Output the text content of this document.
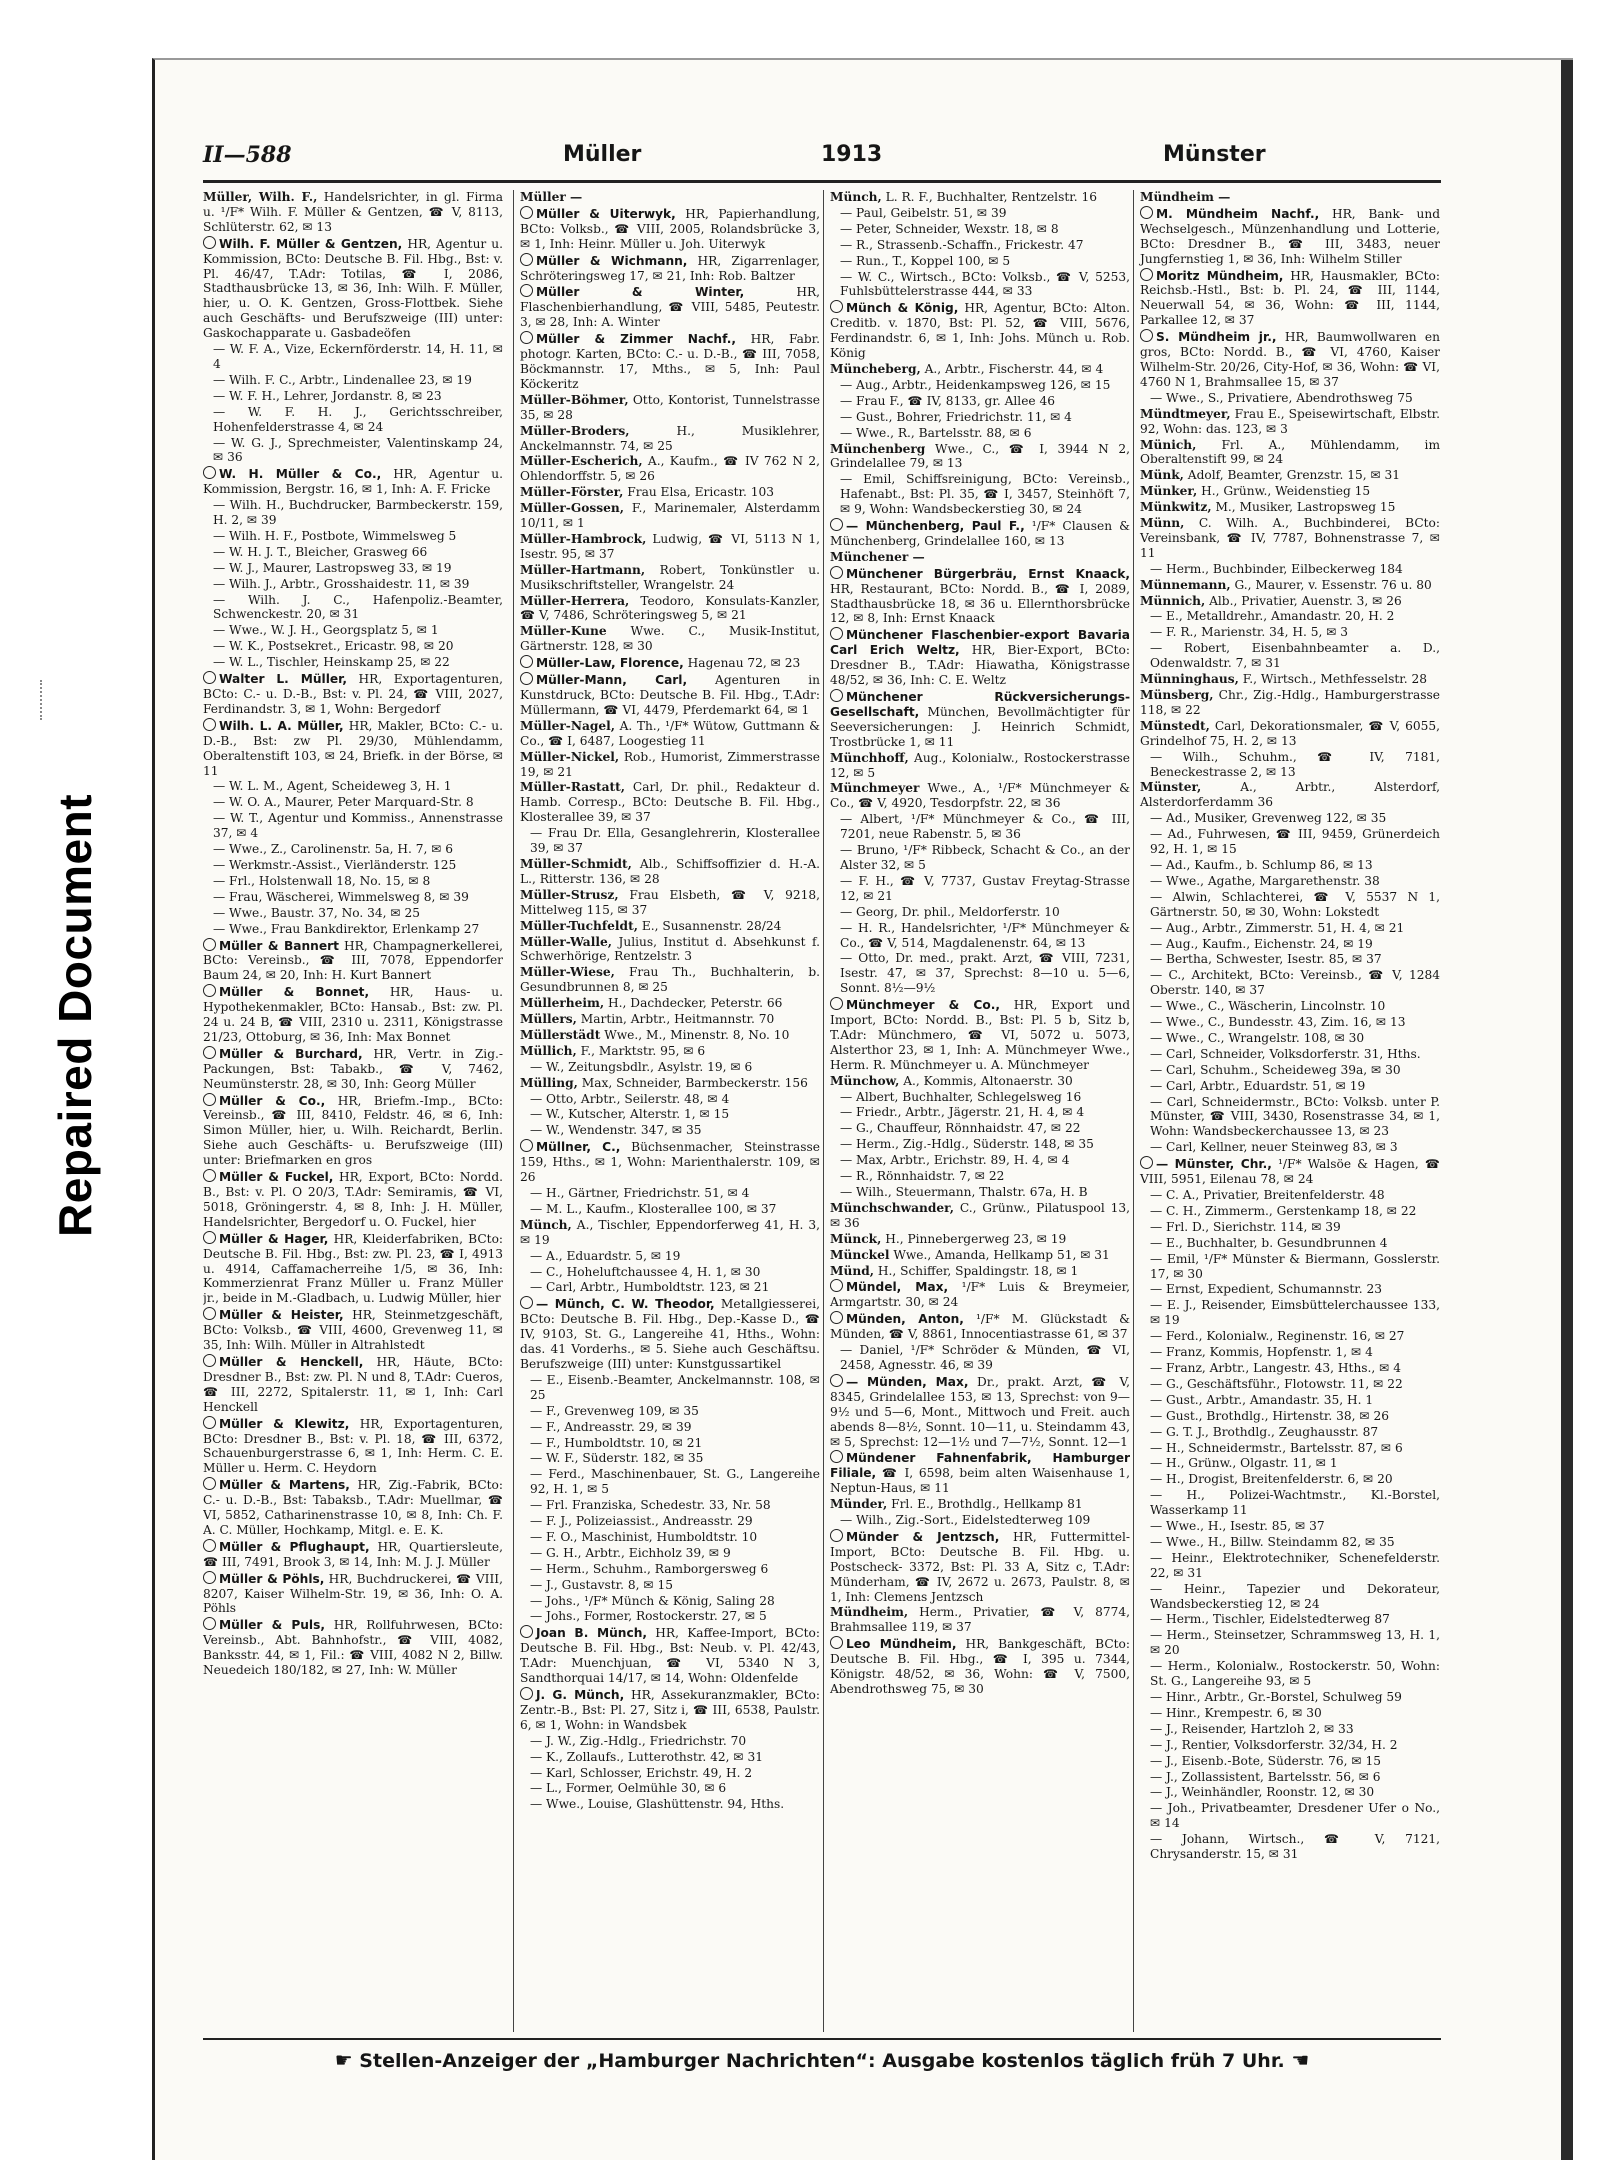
Repaired Document
II—588	Müller	1913	Münster

Müller, Wilh. F., Handelsrichter, in gl. Firma u. ¹/F* Wilh. F. Müller & Gentzen, ☎ V, 8113, Schlüterstr. 62, ✉ 13

Wilh. F. Müller & Gentzen, HR, Agentur u. Kommission, BCto: Deutsche B. Fil. Hbg., Bst: v. Pl. 46/47, T.Adr: Totilas, ☎ I, 2086, Stadthausbrücke 13, ✉ 36, Inh: Wilh. F. Müller, hier, u. O. K. Gentzen, Gross-Flottbek. Siehe auch Geschäfts- und Berufszweige (III) unter: Gaskochapparate u. Gasbadeöfen

— W. F. A., Vize, Eckernförderstr. 14, H. 11, ✉ 4

— Wilh. F. C., Arbtr., Lindenallee 23, ✉ 19

— W. F. H., Lehrer, Jordanstr. 8, ✉ 23

— W. F. H. J., Gerichtsschreiber, Hohenfelderstrasse 4, ✉ 24

— W. G. J., Sprechmeister, Valentinskamp 24, ✉ 36

W. H. Müller & Co., HR, Agentur u. Kommission, Bergstr. 16, ✉ 1, Inh: A. F. Fricke

— Wilh. H., Buchdrucker, Barmbeckerstr. 159, H. 2, ✉ 39

— Wilh. H. F., Postbote, Wimmelsweg 5

— W. H. J. T., Bleicher, Grasweg 66

— W. J., Maurer, Lastropsweg 33, ✉ 19

— Wilh. J., Arbtr., Grosshaidestr. 11, ✉ 39

— Wilh. J. C., Hafenpoliz.-Beamter, Schwenckestr. 20, ✉ 31

— Wwe., W. J. H., Georgsplatz 5, ✉ 1

— W. K., Postsekret., Ericastr. 98, ✉ 20

— W. L., Tischler, Heinskamp 25, ✉ 22

Walter L. Müller, HR, Exportagenturen, BCto: C.- u. D.-B., Bst: v. Pl. 24, ☎ VIII, 2027, Ferdinandstr. 3, ✉ 1, Wohn: Bergedorf

Wilh. L. A. Müller, HR, Makler, BCto: C.- u. D.-B., Bst: zw Pl. 29/30, Mühlendamm, Oberaltenstift 103, ✉ 24, Briefk. in der Börse, ✉ 11

— W. L. M., Agent, Scheideweg 3, H. 1

— W. O. A., Maurer, Peter Marquard-Str. 8

— W. T., Agentur und Kommiss., Annenstrasse 37, ✉ 4

— Wwe., Z., Carolinenstr. 5a, H. 7, ✉ 6

— Werkmstr.-Assist., Vierländerstr. 125

— Frl., Holstenwall 18, No. 15, ✉ 8

— Frau, Wäscherei, Wimmelsweg 8, ✉ 39

— Wwe., Baustr. 37, No. 34, ✉ 25

— Wwe., Frau Bankdirektor, Erlenkamp 27

Müller & Bannert HR, Champagnerkellerei, BCto: Vereinsb., ☎ III, 7078, Eppendorfer Baum 24, ✉ 20, Inh: H. Kurt Bannert

Müller & Bonnet, HR, Haus- u. Hypothekenmakler, BCto: Hansab., Bst: zw. Pl. 24 u. 24 B, ☎ VIII, 2310 u. 2311, Königstrasse 21/23, Ottoburg, ✉ 36, Inh: Max Bonnet

Müller & Burchard, HR, Vertr. in Zig.-Packungen, Bst: Tabakb., ☎ V, 7462, Neumünsterstr. 28, ✉ 30, Inh: Georg Müller

Müller & Co., HR, Briefm.-Imp., BCto: Vereinsb., ☎ III, 8410, Feldstr. 46, ✉ 6, Inh: Simon Müller, hier, u. Wilh. Reichardt, Berlin. Siehe auch Geschäfts- u. Berufszweige (III) unter: Briefmarken en gros

Müller & Fuckel, HR, Export, BCto: Nordd. B., Bst: v. Pl. O 20/3, T.Adr: Semiramis, ☎ VI, 5018, Gröningerstr. 4, ✉ 8, Inh: J. H. Müller, Handelsrichter, Bergedorf u. O. Fuckel, hier

Müller & Hager, HR, Kleiderfabriken, BCto: Deutsche B. Fil. Hbg., Bst: zw. Pl. 23, ☎ I, 4913 u. 4914, Caffamacherreihe 1/5, ✉ 36, Inh: Kommerzienrat Franz Müller u. Franz Müller jr., beide in M.-Gladbach, u. Ludwig Müller, hier

Müller & Heister, HR, Steinmetzgeschäft, BCto: Volksb., ☎ VIII, 4600, Grevenweg 11, ✉ 35, Inh: Wilh. Müller in Altrahlstedt

Müller & Henckell, HR, Häute, BCto: Dresdner B., Bst: zw. Pl. N und 8, T.Adr: Cueros, ☎ III, 2272, Spitalerstr. 11, ✉ 1, Inh: Carl Henckell

Müller & Klewitz, HR, Exportagenturen, BCto: Dresdner B., Bst: v. Pl. 18, ☎ III, 6372, Schauenburgerstrasse 6, ✉ 1, Inh: Herm. C. E. Müller u. Herm. C. Heydorn

Müller & Martens, HR, Zig.-Fabrik, BCto: C.- u. D.-B., Bst: Tabaksb., T.Adr: Muellmar, ☎ VI, 5852, Catharinenstrasse 10, ✉ 8, Inh: Ch. F. A. C. Müller, Hochkamp, Mitgl. e. E. K.

Müller & Pflughaupt, HR, Quartiersleute, ☎ III, 7491, Brook 3, ✉ 14, Inh: M. J. J. Müller

Müller & Pöhls, HR, Buchdruckerei, ☎ VIII, 8207, Kaiser Wilhelm-Str. 19, ✉ 36, Inh: O. A. Pöhls

Müller & Puls, HR, Rollfuhrwesen, BCto: Vereinsb., Abt. Bahnhofstr., ☎ VIII, 4082, Banksstr. 44, ✉ 1, Fil.: ☎ VIII, 4082 N 2, Billw. Neuedeich 180/182, ✉ 27, Inh: W. Müller

Müller —

Müller & Uiterwyk, HR, Papierhandlung, BCto: Volksb., ☎ VIII, 2005, Rolandsbrücke 3, ✉ 1, Inh: Heinr. Müller u. Joh. Uiterwyk

Müller & Wichmann, HR, Zigarrenlager, Schröteringsweg 17, ✉ 21, Inh: Rob. Baltzer

Müller & Winter,	HR, Flaschenbierhandlung, ☎ VIII, 5485, Peutestr. 3, ✉ 28, Inh: A. Winter

Müller & Zimmer Nachf., HR, Fabr. photogr. Karten, BCto: C.- u. D.-B., ☎ III, 7058, Böckmannstr. 17, Mths., ✉ 5, Inh: Paul Köckeritz

Müller-Böhmer, Otto, Kontorist, Tunnelstrasse 35, ✉ 28

Müller-Broders,	H., Musiklehrer, Anckelmannstr. 74, ✉ 25

Müller-Escherich, A., Kaufm., ☎ IV 762 N 2, Ohlendorffstr. 5, ✉ 26

Müller-Förster, Frau Elsa, Ericastr. 103

Müller-Gossen, F., Marinemaler, Alsterdamm 10/11, ✉ 1

Müller-Hambrock, Ludwig, ☎ VI, 5113 N 1, Isestr. 95, ✉ 37

Müller-Hartmann, Robert, Tonkünstler u. Musikschriftsteller, Wrangelstr. 24

Müller-Herrera, Teodoro, Konsulats-Kanzler, ☎ V, 7486, Schröteringsweg 5, ✉ 21

Müller-Kune Wwe. C., Musik-Institut, Gärtnerstr. 128, ✉ 30

Müller-Law, Florence, Hagenau 72, ✉ 23

Müller-Mann, Carl, Agenturen in Kunstdruck, BCto: Deutsche B. Fil. Hbg., T.Adr: Müllermann, ☎ VI, 4479, Pferdemarkt 64, ✉ 1

Müller-Nagel, A. Th., ¹/F* Wütow, Guttmann & Co., ☎ I, 6487, Loogestieg 11

Müller-Nickel, Rob., Humorist, Zimmerstrasse 19, ✉ 21

Müller-Rastatt, Carl, Dr. phil., Redakteur d. Hamb. Corresp., BCto: Deutsche B. Fil. Hbg., Klosterallee 39, ✉ 37

— Frau Dr. Ella, Gesanglehrerin, Klosterallee 39, ✉ 37

Müller-Schmidt, Alb., Schiffsoffizier d. H.-A. L., Ritterstr. 136, ✉ 28

Müller-Strusz, Frau Elsbeth, ☎ V, 9218, Mittelweg 115, ✉ 37

Müller-Tuchfeldt, E., Susannenstr. 28/24

Müller-Walle, Julius, Institut d. Absehkunst f. Schwerhörige, Rentzelstr. 3

Müller-Wiese, Frau Th., Buchhalterin, b. Gesundbrunnen 8, ✉ 25

Müllerheim, H., Dachdecker, Peterstr. 66

Müllers, Martin, Arbtr., Heitmannstr. 70

Müllerstädt Wwe., M., Minenstr. 8, No. 10

Müllich, F., Marktstr. 95, ✉ 6

— W., Zeitungsbdlr., Asylstr. 19, ✉ 6

Mülling, Max, Schneider, Barmbeckerstr. 156

— Otto, Arbtr., Seilerstr. 48, ✉ 4

— W., Kutscher, Alterstr. 1, ✉ 15

— W., Wendenstr. 347, ✉ 35

Müllner, C., Büchsenmacher, Steinstrasse 159, Hths., ✉ 1, Wohn: Marienthalerstr. 109, ✉ 26

— H., Gärtner, Friedrichstr. 51, ✉ 4

— M. L., Kaufm., Klosterallee 100, ✉ 37

Münch, A., Tischler, Eppendorferweg 41, H. 3, ✉ 19

— A., Eduardstr. 5, ✉ 19

— C., Hoheluftchaussee 4, H. 1, ✉ 30

— Carl, Arbtr., Humboldtstr. 123, ✉ 21

— Münch, C. W. Theodor, Metallgiesserei, BCto: Deutsche B. Fil. Hbg., Dep.-Kasse D., ☎ IV, 9103, St. G., Langereihe 41, Hths., Wohn: das. 41 Vorderhs., ✉ 5. Siehe auch Geschäftsu. Berufszweige (III) unter: Kunstgussartikel

— E., Eisenb.-Beamter, Anckelmannstr. 108, ✉ 25

— F., Grevenweg 109, ✉ 35

— F., Andreasstr. 29, ✉ 39

— F., Humboldtstr. 10, ✉ 21

— W. F., Süderstr. 182, ✉ 35

— Ferd., Maschinenbauer, St. G., Langereihe 92, H. 1, ✉ 5

— Frl. Franziska, Schedestr. 33, Nr. 58

— F. J., Polizeiassist., Andreasstr. 29

— F. O., Maschinist, Humboldtstr. 10

— G. H., Arbtr., Eichholz 39, ✉ 9

— Herm., Schuhm., Ramborgersweg 6

— J., Gustavstr. 8, ✉ 15

— Johs., ¹/F* Münch & König, Saling 28

— Johs., Former, Rostockerstr. 27, ✉ 5

Joan B. Münch, HR, Kaffee-Import, BCto: Deutsche B. Fil. Hbg., Bst: Neub. v. Pl. 42/43, T.Adr: Muenchjuan, ☎ VI, 5340 N 3, Sandthorquai 14/17, ✉ 14, Wohn: Oldenfelde

J. G. Münch, HR, Assekuranzmakler, BCto: Zentr.-B., Bst: Pl. 27, Sitz i, ☎ III, 6538, Paulstr. 6, ✉ 1, Wohn: in Wandsbek

— J. W., Zig.-Hdlg., Friedrichstr. 70

— K., Zollaufs., Lutterothstr. 42, ✉ 31

— Karl, Schlosser, Erichstr. 49, H. 2

— L., Former, Oelmühle 30, ✉ 6

— Wwe., Louise, Glashüttenstr. 94, Hths.

Münch, L. R. F., Buchhalter, Rentzelstr. 16

— Paul, Geibelstr. 51, ✉ 39

— Peter, Schneider, Wexstr. 18, ✉ 8

— R., Strassenb.-Schaffn., Frickestr. 47

— Run., T., Koppel 100, ✉ 5

— W. C., Wirtsch., BCto: Volksb., ☎ V, 5253, Fuhlsbüttelerstrasse 444, ✉ 33

Münch & König, HR, Agentur, BCto: Alton. Creditb. v. 1870, Bst: Pl. 52, ☎ VIII, 5676, Ferdinandstr. 6, ✉ 1, Inh: Johs. Münch u. Rob. König

Müncheberg, A., Arbtr., Fischerstr. 44, ✉ 4

— Aug., Arbtr., Heidenkampsweg 126, ✉ 15

— Frau F., ☎ IV, 8133, gr. Allee 46

— Gust., Bohrer, Friedrichstr. 11, ✉ 4

— Wwe., R., Bartelsstr. 88, ✉ 6

Münchenberg Wwe., C., ☎ I, 3944 N 2, Grindelallee 79, ✉ 13

— Emil, Schiffsreinigung, BCto: Vereinsb., Hafenabt., Bst: Pl. 35, ☎ I, 3457, Steinhöft 7, ✉ 9, Wohn: Wandsbeckerstieg 30, ✉ 24

— Münchenberg, Paul F., ¹/F* Clausen & Münchenberg, Grindelallee 160, ✉ 13

Münchener —

Münchener Bürgerbräu, Ernst Knaack, HR, Restaurant, BCto: Nordd. B., ☎ I, 2089, Stadthausbrücke 18, ✉ 36 u. Ellernthorsbrücke 12, ✉ 8, Inh: Ernst Knaack

Münchener Flaschenbier-export Bavaria Carl Erich Weltz, HR, Bier-Export, BCto: Dresdner B., T.Adr: Hiawatha, Königstrasse 48/52, ✉ 36, Inh: C. E. Weltz

Münchener Rückversicherungs-Gesellschaft, München, Bevollmächtigter für Seeversicherungen: J. Heinrich Schmidt, Trostbrücke 1, ✉ 11

Münchhoff, Aug., Kolonialw., Rostockerstrasse 12, ✉ 5

Münchmeyer Wwe., A., ¹/F* Münchmeyer & Co., ☎ V, 4920, Tesdorpfstr. 22, ✉ 36

— Albert, ¹/F* Münchmeyer & Co., ☎ III, 7201, neue Rabenstr. 5, ✉ 36

— Bruno, ¹/F* Ribbeck, Schacht & Co., an der Alster 32, ✉ 5

— F. H., ☎ V, 7737, Gustav Freytag-Strasse 12, ✉ 21

— Georg, Dr. phil., Meldorferstr. 10

— H. R., Handelsrichter, ¹/F* Münchmeyer & Co., ☎ V, 514, Magdalenenstr. 64, ✉ 13

— Otto, Dr. med., prakt. Arzt, ☎ VIII, 7231, Isestr. 47, ✉ 37, Sprechst: 8—10 u. 5—6, Sonnt. 8½—9½

Münchmeyer & Co., HR, Export und Import, BCto: Nordd. B., Bst: Pl. 5 b, Sitz b, T.Adr: Münchmero, ☎ VI, 5072 u. 5073, Alsterthor 23, ✉ 1, Inh: A. Münchmeyer Wwe., Herm. R. Münchmeyer u. A. Münchmeyer

Münchow, A., Kommis, Altonaerstr. 30

— Albert, Buchhalter, Schlegelsweg 16

— Friedr., Arbtr., Jägerstr. 21, H. 4, ✉ 4

— G., Chauffeur, Rönnhaidstr. 47, ✉ 22

— Herm., Zig.-Hdlg., Süderstr. 148, ✉ 35

— Max, Arbtr., Erichstr. 89, H. 4, ✉ 4

— R., Rönnhaidstr. 7, ✉ 22

— Wilh., Steuermann, Thalstr. 67a, H. B

Münchschwander, C., Grünw., Pilatuspool 13, ✉ 36

Münck, H., Pinnebergerweg 23, ✉ 19

Münckel Wwe., Amanda, Hellkamp 51, ✉ 31

Münd, H., Schiffer, Spaldingstr. 18, ✉ 1

Mündel, Max, ¹/F* Luis & Breymeier, Armgartstr. 30, ✉ 24

Münden, Anton, ¹/F* M. Glückstadt & Münden, ☎ V, 8861, Innocentiastrasse 61, ✉ 37

— Daniel, ¹/F* Schröder & Münden, ☎ VI, 2458, Agnesstr. 46, ✉ 39

— Münden, Max, Dr., prakt. Arzt, ☎ V, 8345, Grindelallee 153, ✉ 13, Sprechst: von 9—9½ und 5—6, Mont., Mittwoch und Freit. auch abends 8—8½, Sonnt. 10—11, u. Steindamm 43, ✉ 5, Sprechst: 12—1½ und 7—7½, Sonnt. 12—1

Mündener Fahnenfabrik, Hamburger Filiale, ☎ I, 6598, beim alten Waisenhause 1, Neptun-Haus, ✉ 11

Münder, Frl. E., Brothdlg., Hellkamp 81

— Wilh., Zig.-Sort., Eidelstedterweg 109

Münder & Jentzsch, HR, Futtermittel-Import, BCto: Deutsche B. Fil. Hbg. u. Postscheck- 3372, Bst: Pl. 33 A, Sitz c, T.Adr: Münderham, ☎ IV, 2672 u. 2673, Paulstr. 8, ✉ 1, Inh: Clemens Jentzsch

Mündheim, Herm., Privatier, ☎ V, 8774, Brahmsallee 119, ✉ 37

Leo Mündheim, HR, Bankgeschäft, BCto: Deutsche B. Fil. Hbg., ☎ I, 395 u. 7344, Königstr. 48/52, ✉ 36, Wohn: ☎ V, 7500, Abendrothsweg 75, ✉ 30

Mündheim —

M. Mündheim Nachf., HR, Bank- und Wechselgesch., Münzenhandlung und Lotterie, BCto: Dresdner B., ☎ III, 3483, neuer Jungfernstieg 1, ✉ 36, Inh: Wilhelm Stiller

Moritz Mündheim, HR, Hausmakler, BCto: Reichsb.-Hstl., Bst: b. Pl. 24, ☎ III, 1144, Neuerwall 54, ✉ 36, Wohn: ☎ III, 1144, Parkallee 12, ✉ 37

S. Mündheim jr., HR, Baumwollwaren en gros, BCto: Nordd. B., ☎ VI, 4760, Kaiser Wilhelm-Str. 20/26, City-Hof, ✉ 36, Wohn: ☎ VI, 4760 N 1, Brahmsallee 15, ✉ 37

— Wwe., S., Privatiere, Abendrothsweg 75

Mündtmeyer, Frau E., Speisewirtschaft, Elbstr. 92, Wohn: das. 123, ✉ 3

Münich, Frl. A., Mühlendamm, im Oberaltenstift 99, ✉ 24

Münk, Adolf, Beamter, Grenzstr. 15, ✉ 31

Münker, H., Grünw., Weidenstieg 15

Münkwitz, M., Musiker, Lastropsweg 15

Münn, C. Wilh. A., Buchbinderei, BCto: Vereinsbank, ☎ IV, 7787, Bohnenstrasse 7, ✉ 11

— Herm., Buchbinder, Eilbeckerweg 184

Münnemann, G., Maurer, v. Essenstr. 76 u. 80

Münnich, Alb., Privatier, Auenstr. 3, ✉ 26

— E., Metalldrehr., Amandastr. 20, H. 2

— F. R., Marienstr. 34, H. 5, ✉ 3

— Robert, Eisenbahnbeamter a. D., Odenwaldstr. 7, ✉ 31

Münninghaus, F., Wirtsch., Methfesselstr. 28

Münsberg, Chr., Zig.-Hdlg., Hamburgerstrasse 118, ✉ 22

Münstedt, Carl, Dekorationsmaler, ☎ V, 6055, Grindelhof 75, H. 2, ✉ 13

— Wilh., Schuhm., ☎ IV, 7181, Beneckestrasse 2, ✉ 13

Münster,	A., Arbtr., Alsterdorf, Alsterdorferdamm 36

— Ad., Musiker, Grevenweg 122, ✉ 35

— Ad., Fuhrwesen, ☎ III, 9459, Grünerdeich 92, H. 1, ✉ 15

— Ad., Kaufm., b. Schlump 86, ✉ 13

— Wwe., Agathe, Margarethenstr. 38

— Alwin, Schlachterei, ☎ V, 5537 N 1, Gärtnerstr. 50, ✉ 30, Wohn: Lokstedt

— Aug., Arbtr., Zimmerstr. 51, H. 4, ✉ 21

— Aug., Kaufm., Eichenstr. 24, ✉ 19

— Bertha, Schwester, Isestr. 85, ✉ 37

— C., Architekt, BCto: Vereinsb., ☎ V, 1284 Oberstr. 140, ✉ 37

— Wwe., C., Wäscherin, Lincolnstr. 10

— Wwe., C., Bundesstr. 43, Zim. 16, ✉ 13

— Wwe., C., Wrangelstr. 108, ✉ 30

— Carl, Schneider, Volksdorferstr. 31, Hths.

— Carl, Schuhm., Scheideweg 39a, ✉ 30

— Carl, Arbtr., Eduardstr. 51, ✉ 19

— Carl, Schneidermstr., BCto: Volksb. unter P. Münster, ☎ VIII, 3430, Rosenstrasse 34, ✉ 1, Wohn: Wandsbeckerchaussee 13, ✉ 23

— Carl, Kellner, neuer Steinweg 83, ✉ 3

— Münster, Chr., ¹/F* Walsöe & Hagen, ☎ VIII, 5951, Eilenau 78, ✉ 24

— C. A., Privatier, Breitenfelderstr. 48

— C. H., Zimmerm., Gerstenkamp 18, ✉ 22

— Frl. D., Sierichstr. 114, ✉ 39

— E., Buchhalter, b. Gesundbrunnen 4

— Emil, ¹/F* Münster & Biermann, Gosslerstr. 17, ✉ 30

— Ernst, Expedient, Schumannstr. 23

— E. J., Reisender, Eimsbüttelerchaussee 133, ✉ 19

— Ferd., Kolonialw., Reginenstr. 16, ✉ 27

— Franz, Kommis, Hopfenstr. 1, ✉ 4

— Franz, Arbtr., Langestr. 43, Hths., ✉ 4

— G., Geschäftsführ., Flotowstr. 11, ✉ 22

— Gust., Arbtr., Amandastr. 35, H. 1

— Gust., Brothdlg., Hirtenstr. 38, ✉ 26

— G. T. J., Brothdlg., Zeughausstr. 87

— H., Schneidermstr., Bartelsstr. 87, ✉ 6

— H., Grünw., Olgastr. 11, ✉ 1

— H., Drogist, Breitenfelderstr. 6, ✉ 20

— H., Polizei-Wachtmstr., Kl.-Borstel, Wasserkamp 11

— Wwe., H., Isestr. 85, ✉ 37

— Wwe., H., Billw. Steindamm 82, ✉ 35

— Heinr., Elektrotechniker, Schenefelderstr. 22, ✉ 31

— Heinr., Tapezier und Dekorateur, Wandsbeckerstieg 12, ✉ 24

— Herm., Tischler, Eidelstedterweg 87

— Herm., Steinsetzer, Schrammsweg 13, H. 1, ✉ 20

— Herm., Kolonialw., Rostockerstr. 50, Wohn: St. G., Langereihe 93, ✉ 5

— Hinr., Arbtr., Gr.-Borstel, Schulweg 59

— Hinr., Krempestr. 6, ✉ 30

— J., Reisender, Hartzloh 2, ✉ 33

— J., Rentier, Volksdorferstr. 32/34, H. 2

— J., Eisenb.-Bote, Süderstr. 76, ✉ 15

— J., Zollassistent, Bartelsstr. 56, ✉ 6

— J., Weinhändler, Roonstr. 12, ✉ 30

— Joh., Privatbeamter, Dresdener Ufer o No., ✉ 14

— Johann, Wirtsch., ☎ V, 7121, Chrysanderstr. 15, ✉ 31

☛ Stellen-Anzeiger der „Hamburger Nachrichten“: Ausgabe kostenlos täglich früh 7 Uhr. ☚
